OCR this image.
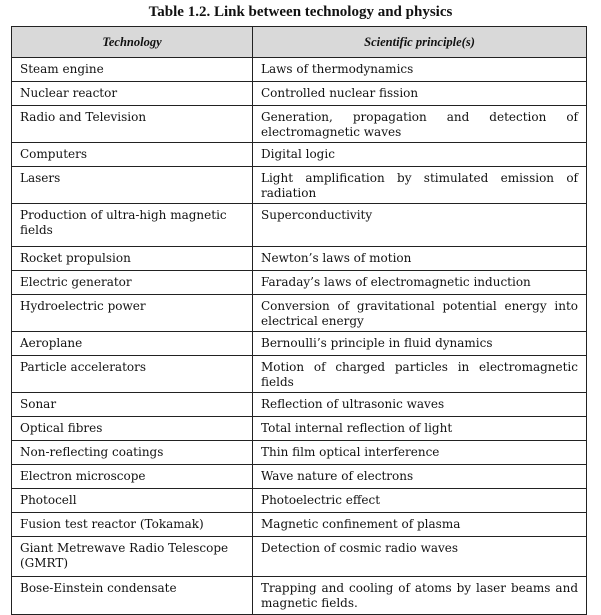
Table 1.2. Link between technology and physics
Technology	Scientific principle(s)
Steam engine	Laws of thermodynamics
Nuclear reactor	Controlled nuclear fission
Radio and Television	Generation, propagation and detection of electromagnetic waves
Computers	Digital logic
Lasers	Light amplification by stimulated emission of radiation
Production of ultra-high magnetic fields	Superconductivity
Rocket propulsion	Newton’s laws of motion
Electric generator	Faraday’s laws of electromagnetic induction
Hydroelectric power	Conversion of gravitational potential energy into electrical energy
Aeroplane	Bernoulli’s principle in fluid dynamics
Particle accelerators	Motion of charged particles in electromagnetic fields
Sonar	Reflection of ultrasonic waves
Optical fibres	Total internal reflection of light
Non-reflecting coatings	Thin film optical interference
Electron microscope	Wave nature of electrons
Photocell	Photoelectric effect
Fusion test reactor (Tokamak)	Magnetic confinement of plasma
Giant Metrewave Radio Telescope (GMRT)	Detection of cosmic radio waves
Bose-Einstein condensate	Trapping and cooling of atoms by laser beams and magnetic fields.
